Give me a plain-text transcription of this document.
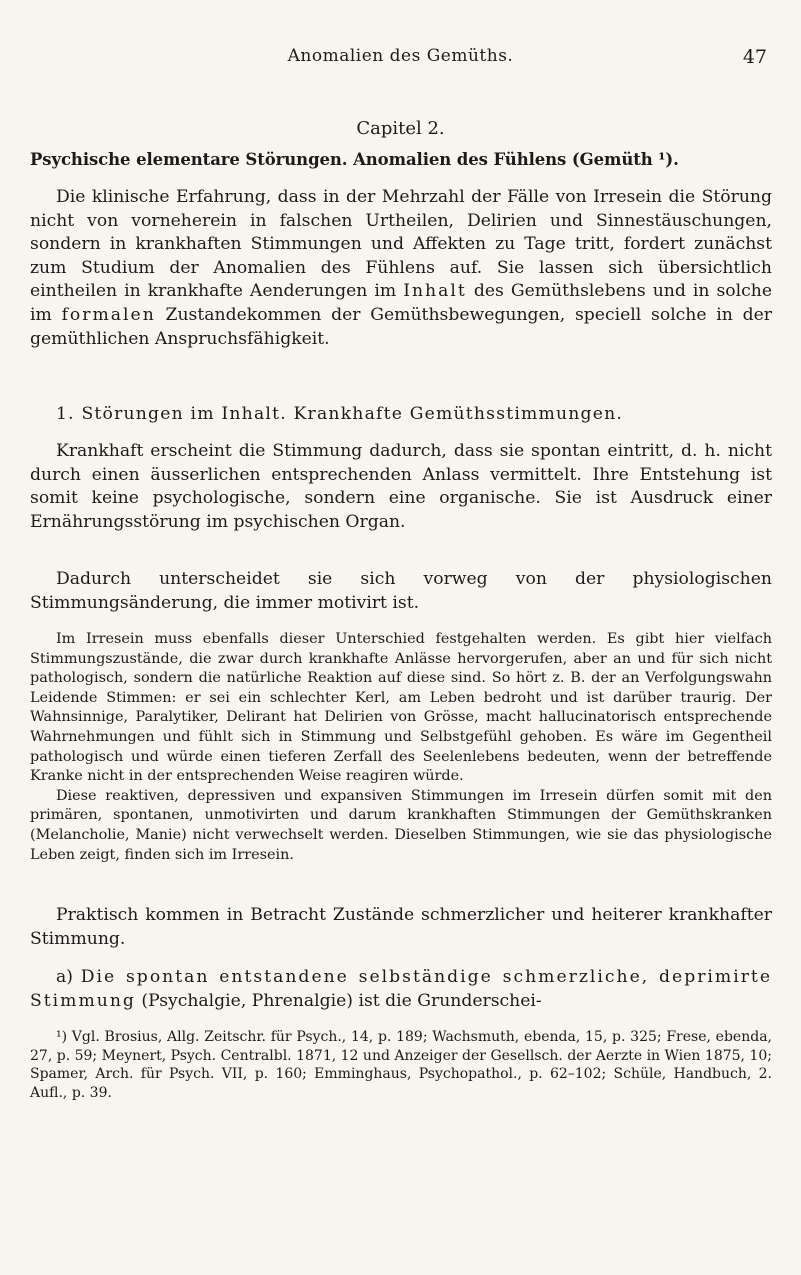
Anomalien des Gemüths.	47
Capitel 2.
Psychische elementare Störungen. Anomalien des Fühlens (Gemüth ¹).

Die klinische Erfahrung, dass in der Mehrzahl der Fälle von Irresein die Störung nicht von vorneherein in falschen Urtheilen, Delirien und Sinnestäuschungen, sondern in krankhaften Stimmungen und Affekten zu Tage tritt, fordert zunächst zum Studium der Anomalien des Fühlens auf. Sie lassen sich übersichtlich eintheilen in krankhafte Aenderungen im Inhalt des Gemüthslebens und in solche im formalen Zustandekommen der Gemüthsbewegungen, speciell solche in der gemüthlichen Anspruchsfähigkeit.

1. Störungen im Inhalt. Krankhafte Gemüthsstimmungen.

Krankhaft erscheint die Stimmung dadurch, dass sie spontan eintritt, d. h. nicht durch einen äusserlichen entsprechenden Anlass vermittelt. Ihre Entstehung ist somit keine psychologische, sondern eine organische. Sie ist Ausdruck einer Ernährungsstörung im psychischen Organ.

Dadurch unterscheidet sie sich vorweg von der physiologischen Stimmungsänderung, die immer motivirt ist.

Im Irresein muss ebenfalls dieser Unterschied festgehalten werden. Es gibt hier vielfach Stimmungszustände, die zwar durch krankhafte Anlässe hervorgerufen, aber an und für sich nicht pathologisch, sondern die natürliche Reaktion auf diese sind. So hört z. B. der an Verfolgungswahn Leidende Stimmen: er sei ein schlechter Kerl, am Leben bedroht und ist darüber traurig. Der Wahnsinnige, Paralytiker, Delirant hat Delirien von Grösse, macht hallucinatorisch entsprechende Wahrnehmungen und fühlt sich in Stimmung und Selbstgefühl gehoben. Es wäre im Gegentheil pathologisch und würde einen tieferen Zerfall des Seelenlebens bedeuten, wenn der betreffende Kranke nicht in der entsprechenden Weise reagiren würde.

Diese reaktiven, depressiven und expansiven Stimmungen im Irresein dürfen somit mit den primären, spontanen, unmotivirten und darum krankhaften Stimmungen der Gemüthskranken (Melancholie, Manie) nicht verwechselt werden. Dieselben Stimmungen, wie sie das physiologische Leben zeigt, finden sich im Irresein.

Praktisch kommen in Betracht Zustände schmerzlicher und heiterer krankhafter Stimmung.

a) Die spontan entstandene selbständige schmerzliche, deprimirte Stimmung (Psychalgie, Phrenalgie) ist die Grunderschei-

¹) Vgl. Brosius, Allg. Zeitschr. für Psych., 14, p. 189; Wachsmuth, ebenda, 15, p. 325; Frese, ebenda, 27, p. 59; Meynert, Psych. Centralbl. 1871, 12 und Anzeiger der Gesellsch. der Aerzte in Wien 1875, 10; Spamer, Arch. für Psych. VII, p. 160; Emminghaus, Psychopathol., p. 62–102; Schüle, Handbuch, 2. Aufl., p. 39.
